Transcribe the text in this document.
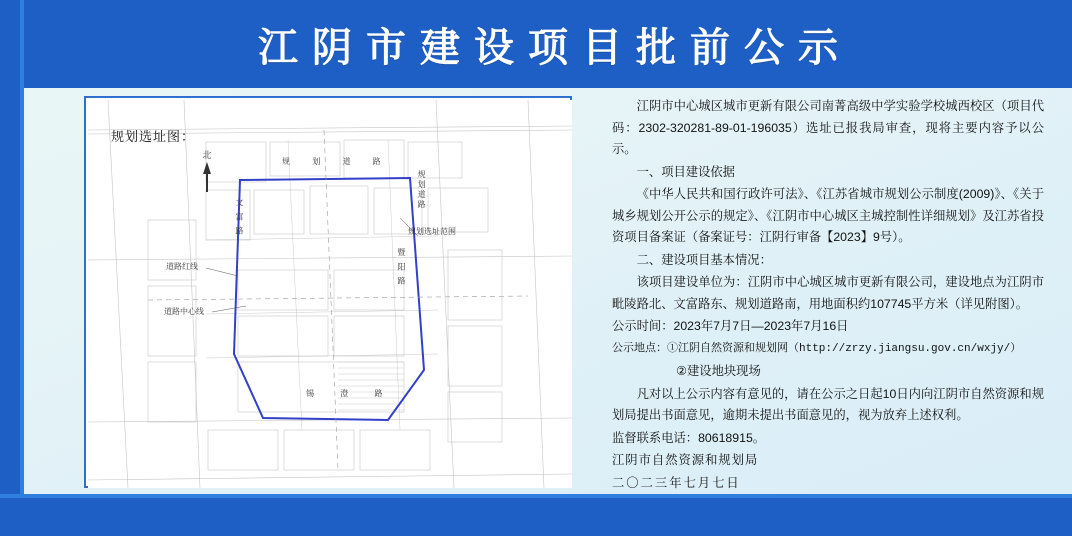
江阴市建设项目批前公示
规划选址图：
北
道路红线
道路中心线
规划选址范围
规 划 道 路
文 富 路
锡 澄 路
暨 阳 路
规划道路

江阴市中心城区城市更新有限公司南菁高级中学实验学校城西校区（项目代码：2302-320281-89-01-196035）选址已报我局审查，现将主要内容予以公示。

一、项目建设依据

《中华人民共和国行政许可法》、《江苏省城市规划公示制度(2009)》、《关于城乡规划公开公示的规定》、《江阴市中心城区主城控制性详细规划》及江苏省投资项目备案证（备案证号：江阴行审备【2023】9号）。

二、建设项目基本情况：

该项目建设单位为：江阴市中心城区城市更新有限公司，建设地点为江阴市毗陵路北、文富路东、规划道路南，用地面积约107745平方米（详见附图）。

公示时间：2023年7月7日—2023年7月16日

公示地点：①江阴自然资源和规划网（http://zrzy.jiangsu.gov.cn/wxjy/）

②建设地块现场

凡对以上公示内容有意见的，请在公示之日起10日内向江阴市自然资源和规划局提出书面意见，逾期未提出书面意见的，视为放弃上述权利。

监督联系电话：80618915。

江阴市自然资源和规划局

二〇二三年七月七日
